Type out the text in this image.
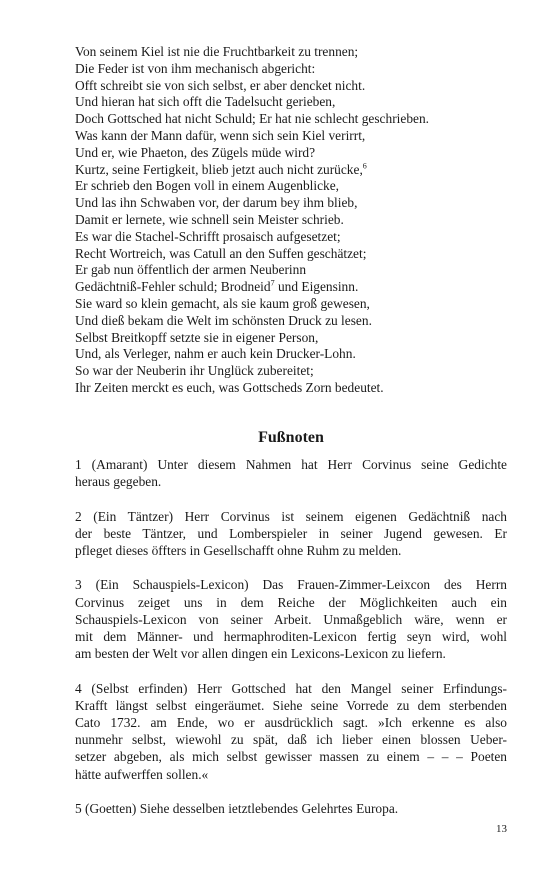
Von seinem Kiel ist nie die Fruchtbarkeit zu trennen;
Die Feder ist von ihm mechanisch abgericht:
Offt schreibt sie von sich selbst, er aber dencket nicht.
Und hieran hat sich offt die Tadelsucht gerieben,
Doch Gottsched hat nicht Schuld; Er hat nie schlecht geschrieben.
Was kann der Mann dafür, wenn sich sein Kiel verirrt,
Und er, wie Phaeton, des Zügels müde wird?
Kurtz, seine Fertigkeit, blieb jetzt auch nicht zurücke,$^6$
Er schrieb den Bogen voll in einem Augenblicke,
Und las ihn Schwaben vor, der darum bey ihm blieb,
Damit er lernete, wie schnell sein Meister schrieb.
Es war die Stachel-Schrifft prosaisch aufgesetzet;
Recht Wortreich, was Catull an den Suffen geschätzet;
Er gab nun öffentlich der armen Neuberinn
Gedächtniß-Fehler schuld; Brodneid$^7$ und Eigensinn.
Sie ward so klein gemacht, als sie kaum groß gewesen,
Und dieß bekam die Welt im schönsten Druck zu lesen.
Selbst Breitkopff setzte sie in eigener Person,
Und, als Verleger, nahm er auch kein Drucker-Lohn.
So war der Neuberin ihr Unglück zubereitet;
Ihr Zeiten merckt es euch, was Gottscheds Zorn bedeutet.
Fußnoten
1 (Amarant) Unter diesem Nahmen hat Herr Corvinus seine Gedichte
heraus gegeben.
2 (Ein Täntzer) Herr Corvinus ist seinem eigenen Gedächtniß nach
der beste Täntzer, und Lomberspieler in seiner Jugend gewesen. Er
pfleget dieses öffters in Gesellschafft ohne Ruhm zu melden.
3 (Ein Schauspiels-Lexicon) Das Frauen-Zimmer-Leixcon des Herrn
Corvinus zeiget uns in dem Reiche der Möglichkeiten auch ein
Schauspiels-Lexicon von seiner Arbeit. Unmaßgeblich wäre, wenn er
mit dem Männer- und hermaphroditen-Lexicon fertig seyn wird, wohl
am besten der Welt vor allen dingen ein Lexicons-Lexicon zu liefern.
4 (Selbst erfinden) Herr Gottsched hat den Mangel seiner Erfindungs-
Krafft längst selbst eingeräumet. Siehe seine Vorrede zu dem sterbenden
Cato 1732. am Ende, wo er ausdrücklich sagt. »Ich erkenne es also
nunmehr selbst, wiewohl zu spät, daß ich lieber einen blossen Ueber-
setzer abgeben, als mich selbst gewisser massen zu einem – – – Poeten
hätte aufwerffen sollen.«
5 (Goetten) Siehe desselben ietztlebendes Gelehrtes Europa.
13
